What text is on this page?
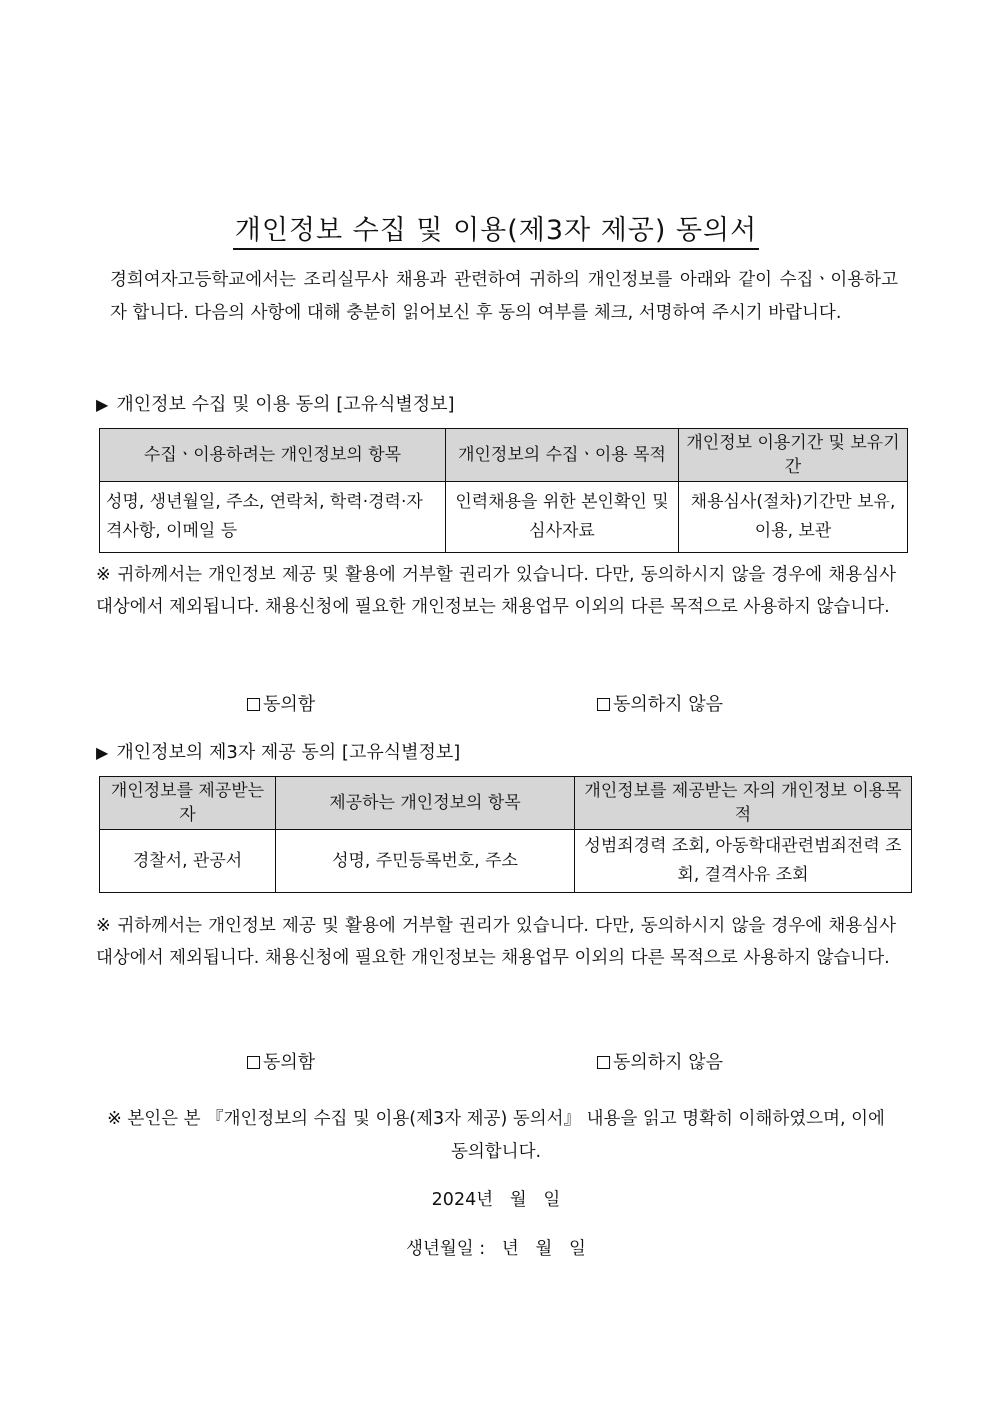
개인정보 수집 및 이용(제3자 제공) 동의서
경희여자고등학교에서는 조리실무사 채용과 관련하여 귀하의 개인정보를 아래와 같이 수집ㆍ이용하고자 합니다. 다음의 사항에 대해 충분히 읽어보신 후 동의 여부를 체크, 서명하여 주시기 바랍니다.
▶ 개인정보 수집 및 이용 동의 [고유식별정보]
수집ㆍ이용하려는 개인정보의 항목	개인정보의 수집ㆍ이용 목적	개인정보 이용기간 및 보유기간
성명, 생년월일, 주소, 연락처, 학력·경력·자격사항, 이메일 등	인력채용을 위한 본인확인 및 심사자료	채용심사(절차)기간만 보유, 이용, 보관
※ 귀하께서는 개인정보 제공 및 활용에 거부할 권리가 있습니다. 다만, 동의하시지 않을 경우에 채용심사 대상에서 제외됩니다. 채용신청에 필요한 개인정보는 채용업무 이외의 다른 목적으로 사용하지 않습니다.
동의함	동의하지 않음
▶ 개인정보의 제3자 제공 동의 [고유식별정보]
개인정보를 제공받는자	제공하는 개인정보의 항목	개인정보를 제공받는 자의 개인정보 이용목적
경찰서, 관공서	성명, 주민등록번호, 주소	성범죄경력 조회, 아동학대관련범죄전력 조회, 결격사유 조회
※ 귀하께서는 개인정보 제공 및 활용에 거부할 권리가 있습니다. 다만, 동의하시지 않을 경우에 채용심사 대상에서 제외됩니다. 채용신청에 필요한 개인정보는 채용업무 이외의 다른 목적으로 사용하지 않습니다.
동의함	동의하지 않음
※ 본인은 본 『개인정보의 수집 및 이용(제3자 제공) 동의서』 내용을 읽고 명확히 이해하였으며, 이에 동의합니다.
2024년   월   일
생년월일 :   년   월   일
